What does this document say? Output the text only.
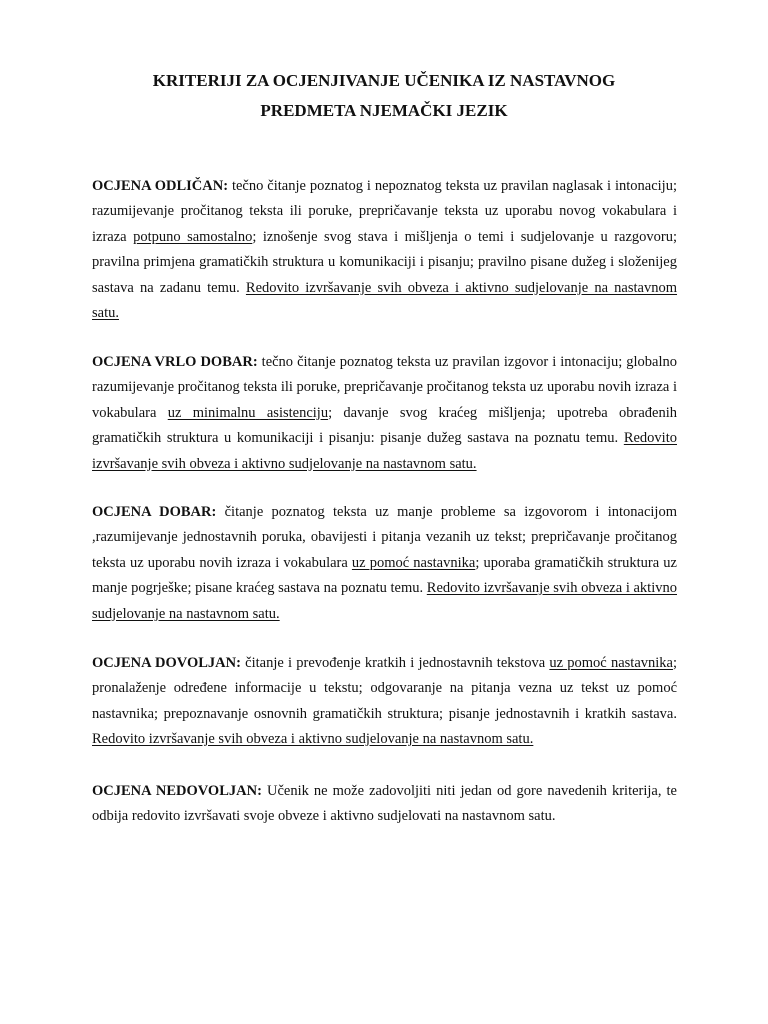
KRITERIJI ZA OCJENJIVANJE UČENIKA IZ NASTAVNOG
PREDMETA NJEMAČKI JEZIK

OCJENA ODLIČAN: tečno čitanje poznatog i nepoznatog teksta uz pravilan naglasak i intonaciju; razumijevanje pročitanog teksta ili poruke, prepričavanje teksta uz uporabu novog vokabulara i izraza potpuno samostalno; iznošenje svog stava i mišljenja o temi i sudjelovanje u razgovoru; pravilna primjena gramatičkih struktura u komunikaciji i pisanju; pravilno pisane dužeg i složenijeg sastava na zadanu temu. Redovito izvršavanje svih obveza i aktivno sudjelovanje na nastavnom satu.

OCJENA VRLO DOBAR: tečno čitanje poznatog teksta uz pravilan izgovor i intonaciju; globalno razumijevanje pročitanog teksta ili poruke, prepričavanje pročitanog teksta uz uporabu novih izraza i vokabulara uz minimalnu asistenciju; davanje svog kraćeg mišljenja; upotreba obrađenih gramatičkih struktura u komunikaciji i pisanju: pisanje dužeg sastava na poznatu temu. Redovito izvršavanje svih obveza i aktivno sudjelovanje na nastavnom satu.

OCJENA DOBAR: čitanje poznatog teksta uz manje probleme sa izgovorom i intonacijom ,razumijevanje jednostavnih poruka, obavijesti i pitanja vezanih uz tekst; prepričavanje pročitanog teksta uz uporabu novih izraza i vokabulara uz pomoć nastavnika; uporaba gramatičkih struktura uz manje pogrješke; pisane kraćeg sastava na poznatu temu. Redovito izvršavanje svih obveza i aktivno sudjelovanje na nastavnom satu.

OCJENA DOVOLJAN: čitanje i prevođenje kratkih i jednostavnih tekstova uz pomoć nastavnika; pronalaženje određene informacije u tekstu; odgovaranje na pitanja vezna uz tekst uz pomoć nastavnika; prepoznavanje osnovnih gramatičkih struktura; pisanje jednostavnih i kratkih sastava. Redovito izvršavanje svih obveza i aktivno sudjelovanje na nastavnom satu.

OCJENA NEDOVOLJAN: Učenik ne može zadovoljiti niti jedan od gore navedenih kriterija, te odbija redovito izvršavati svoje obveze i aktivno sudjelovati na nastavnom satu.
